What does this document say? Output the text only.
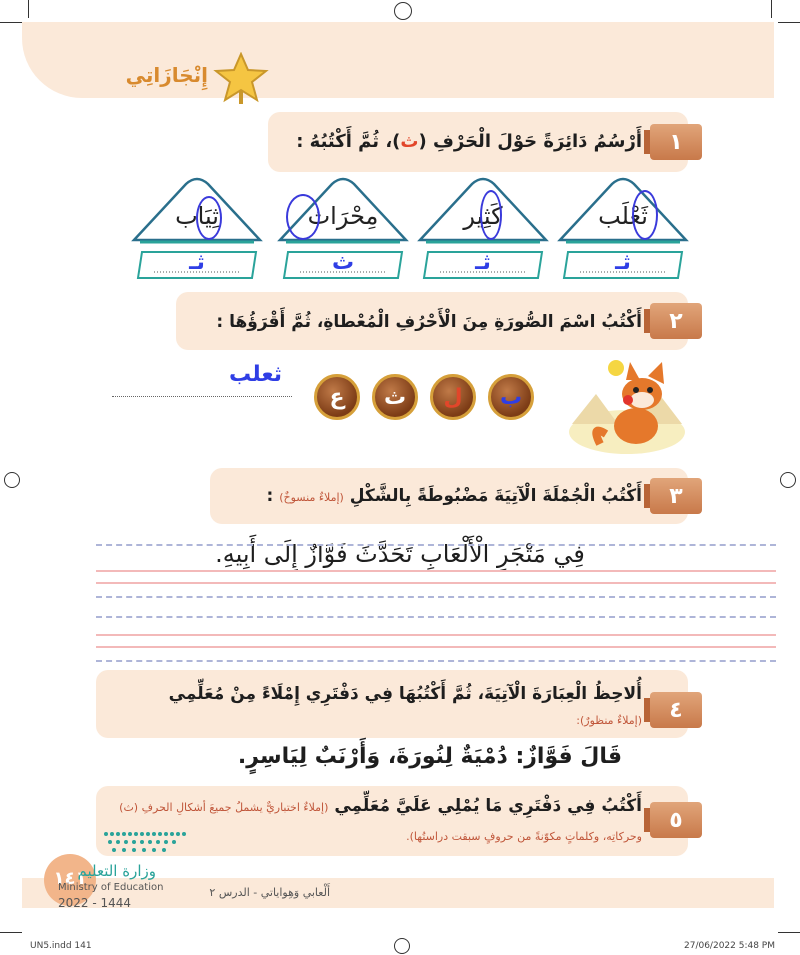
إِنْجَازَاتِي
١
أَرْسُمُ دَائِرَةً حَوْلَ الْحَرْفِ (ث)، ثُمَّ أَكْتُبُهُ :
ثِيَاب	مِحْرَاث	كَثِير	ثَعْلَب
ثـ	ث	ثـ	ثـ
٢
أَكْتُبُ اسْمَ الصُّورَةِ مِنَ الْأَحْرُفِ الْمُعْطاةِ، ثُمَّ أَقْرَؤُهَا :
ب
ل
ث
ع
ثعلب
٣
أَكْتُبُ الْجُمْلَةَ الْآتِيَةَ مَضْبُوطَةً بِالشَّكْلِ (إملاءٌ منسوخٌ) :
فِي مَتْجَرِ الْأَلْعَابِ تَحَدَّثَ فَوَّازٌ إِلَى أَبِيهِ.
٤
أُلاحِظُ الْعِبَارَةَ الْآتِيَةَ، ثُمَّ أَكْتُبُهَا فِي دَفْتَرِي إِمْلَاءً مِنْ مُعَلِّمِي
(إملاءٌ منظورٌ):
قَالَ فَوَّازٌ: دُمْيَةٌ لِنُورَةَ، وَأَرْنَبٌ لِيَاسِرٍ.
٥
أَكْتُبُ فِي دَفْتَرِي مَا يُمْلِي عَلَيَّ مُعَلِّمِي (إملاءٌ اختباريٌّ يشملُ جميعَ أشكالِ الحرفِ (ث)
وحركاتِه، وكلماتٍ مكوّنةً من حروفٍ سبقت دراستُها).
١٤١
وزارة التعليم
Ministry of Education
2022 - 1444
أَلْعابي وَهِواياتي - الدرس ٢
UN5.indd 141	27/06/2022 5:48 PM
